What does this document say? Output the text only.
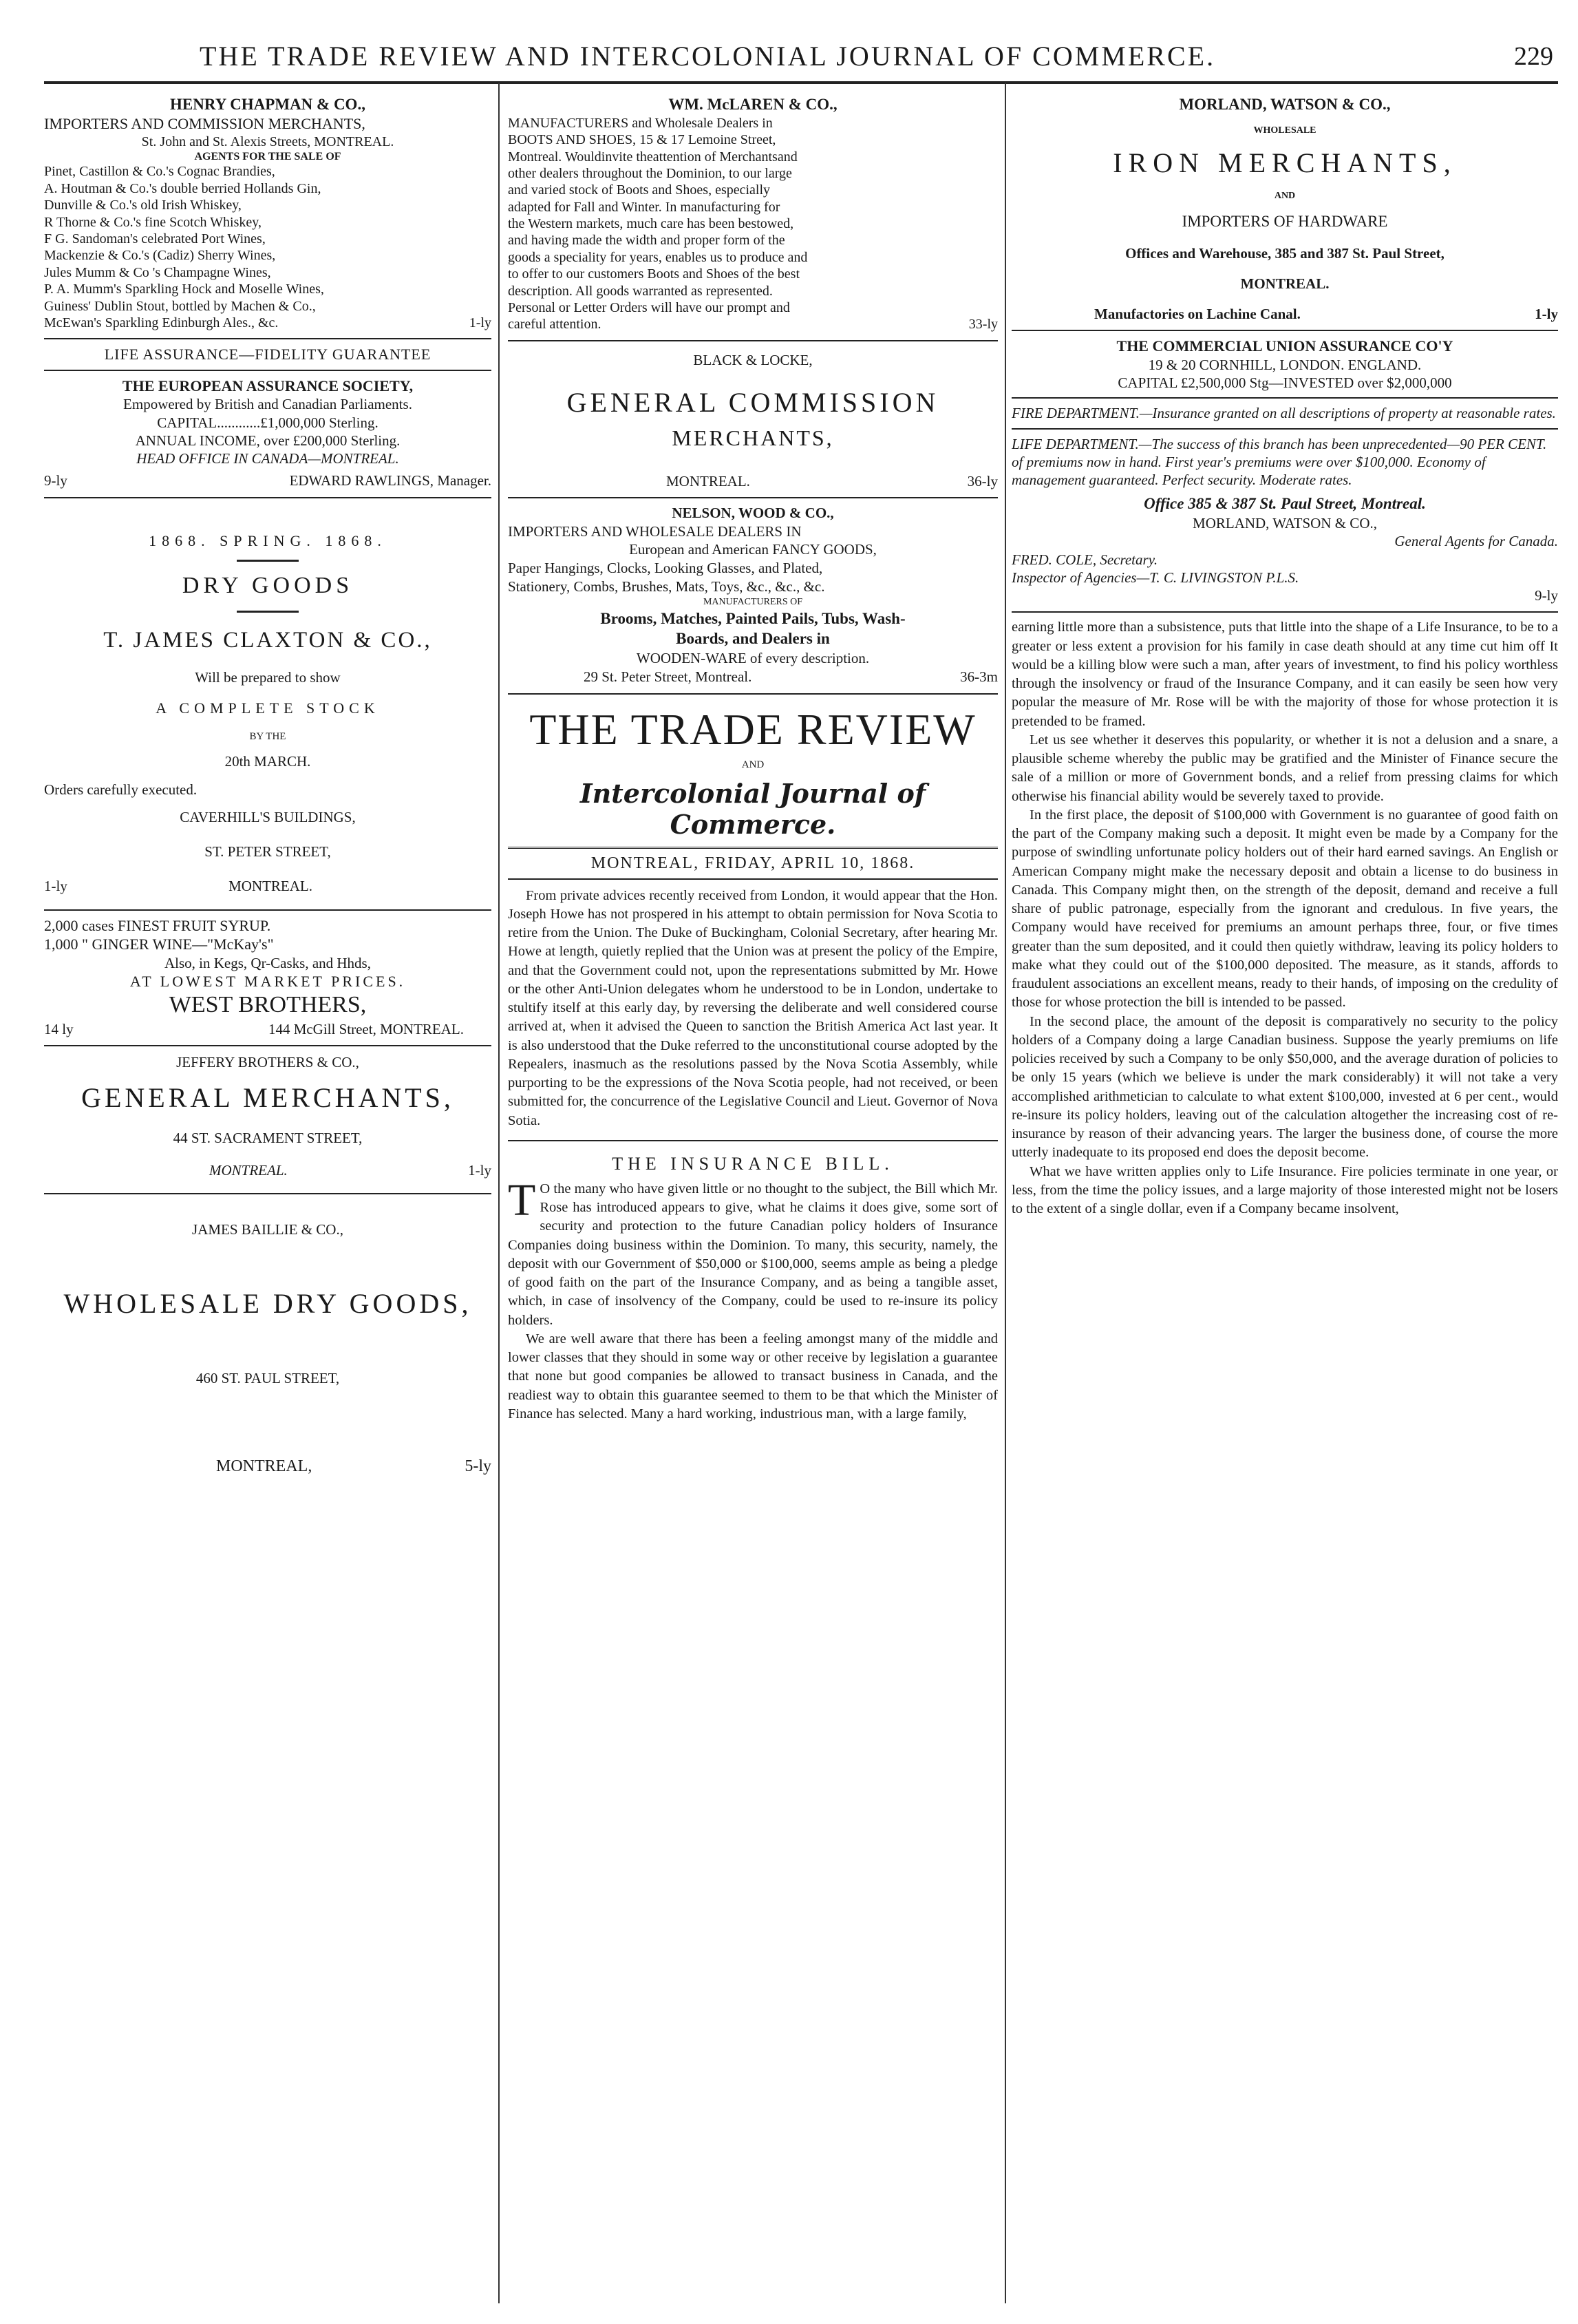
THE TRADE REVIEW AND INTERCOLONIAL JOURNAL OF COMMERCE.	229
HENRY CHAPMAN & CO.,
IMPORTERS AND COMMISSION MERCHANTS,
St. John and St. Alexis Streets, MONTREAL.
AGENTS FOR THE SALE OF
Pinet, Castillon & Co.'s Cognac Brandies,
A. Houtman & Co.'s double berried Hollands Gin,
Dunville & Co.'s old Irish Whiskey,
R Thorne & Co.'s fine Scotch Whiskey,
F G. Sandoman's celebrated Port Wines,
Mackenzie & Co.'s (Cadiz) Sherry Wines,
Jules Mumm & Co 's Champagne Wines,
P. A. Mumm's Sparkling Hock and Moselle Wines,
Guiness' Dublin Stout, bottled by Machen & Co.,
McEwan's Sparkling Edinburgh Ales., &c.	1-ly
LIFE ASSURANCE—FIDELITY GUARANTEE
THE EUROPEAN ASSURANCE SOCIETY,
Empowered by British and Canadian Parliaments.
CAPITAL............£1,000,000 Sterling.
ANNUAL INCOME, over £200,000 Sterling.
HEAD OFFICE IN CANADA—MONTREAL.
9-ly	EDWARD RAWLINGS, Manager.
1868. SPRING. 1868.
DRY GOODS
T. JAMES CLAXTON & CO.,
Will be prepared to show
A COMPLETE STOCK
BY THE
20th MARCH.
Orders carefully executed.
CAVERHILL'S BUILDINGS,
ST. PETER STREET,
1-ly	MONTREAL.
2,000 cases FINEST FRUIT SYRUP.
1,000 " GINGER WINE—"McKay's"
Also, in Kegs, Qr-Casks, and Hhds,
AT LOWEST MARKET PRICES.
WEST BROTHERS,
14 ly	144 McGill Street, MONTREAL.
JEFFERY BROTHERS & CO.,
GENERAL MERCHANTS,
44 ST. SACRAMENT STREET,
MONTREAL.	1-ly
JAMES BAILLIE & CO.,
WHOLESALE DRY GOODS,
460 ST. PAUL STREET,
MONTREAL,	5-ly
WM. McLAREN & CO.,
MANUFACTURERS and Wholesale Dealers in
BOOTS AND SHOES, 15 & 17 Lemoine Street,
Montreal. Wouldinvite theattention of Merchantsand
other dealers throughout the Dominion, to our large
and varied stock of Boots and Shoes, especially
adapted for Fall and Winter. In manufacturing for
the Western markets, much care has been bestowed,
and having made the width and proper form of the
goods a speciality for years, enables us to produce and
to offer to our customers Boots and Shoes of the best
description. All goods warranted as represented.
Personal or Letter Orders will have our prompt and
careful attention.	33-ly
BLACK & LOCKE,
GENERAL COMMISSION
MERCHANTS,
MONTREAL.	36-ly
NELSON, WOOD & CO.,
IMPORTERS AND WHOLESALE DEALERS IN
European and American FANCY GOODS,
Paper Hangings, Clocks, Looking Glasses, and Plated,
Stationery, Combs, Brushes, Mats, Toys, &c., &c., &c.
MANUFACTURERS OF
Brooms, Matches, Painted Pails, Tubs, Wash-
Boards, and Dealers in
WOODEN-WARE of every description.
29 St. Peter Street, Montreal.	36-3m
THE TRADE REVIEW
AND
Intercolonial Journal of Commerce.
MONTREAL, FRIDAY, APRIL 10, 1868.

From private advices recently received from London, it would appear that the Hon. Joseph Howe has not prospered in his attempt to obtain permission for Nova Scotia to retire from the Union. The Duke of Buckingham, Colonial Secretary, after hearing Mr. Howe at length, quietly replied that the Union was at present the policy of the Empire, and that the Government could not, upon the representations submitted by Mr. Howe or the other Anti-Union delegates whom he understood to be in London, undertake to stultify itself at this early day, by reversing the deliberate and well considered course arrived at, when it advised the Queen to sanction the British America Act last year. It is also understood that the Duke referred to the unconstitutional course adopted by the Repealers, inasmuch as the resolutions passed by the Nova Scotia Assembly, while purporting to be the expressions of the Nova Scotia people, had not received, or been submitted for, the concurrence of the Legislative Council and Lieut. Governor of Nova Sotia.

THE INSURANCE BILL.
T O the many who have given little or no thought to the subject, the Bill which Mr. Rose has introduced appears to give, what he claims it does give, some sort of security and protection to the future Canadian policy holders of Insurance Companies doing business within the Dominion. To many, this security, namely, the deposit with our Government of $50,000 or $100,000, seems ample as being a pledge of good faith on the part of the Insurance Company, and as being a tangible asset, which, in case of insolvency of the Company, could be used to re-insure its policy holders.

We are well aware that there has been a feeling amongst many of the middle and lower classes that they should in some way or other receive by legislation a guarantee that none but good companies be allowed to transact business in Canada, and the readiest way to obtain this guarantee seemed to them to be that which the Minister of Finance has selected. Many a hard working, industrious man, with a large family,

MORLAND, WATSON & CO.,
WHOLESALE
IRON MERCHANTS,
AND
IMPORTERS OF HARDWARE
Offices and Warehouse, 385 and 387 St. Paul Street,
MONTREAL.
Manufactories on Lachine Canal.	1-ly
THE COMMERCIAL UNION ASSURANCE CO'Y
19 & 20 CORNHILL, LONDON. ENGLAND.
CAPITAL £2,500,000 Stg—INVESTED over $2,000,000
FIRE DEPARTMENT.—Insurance granted on all descriptions of property at reasonable rates.
LIFE DEPARTMENT.—The success of this branch has been unprecedented—90 PER CENT. of premiums now in hand. First year's premiums were over $100,000. Economy of management guaranteed. Perfect security. Moderate rates.
Office 385 & 387 St. Paul Street, Montreal.
MORLAND, WATSON & CO.,
General Agents for Canada.
FRED. COLE, Secretary.
Inspector of Agencies—T. C. LIVINGSTON P.L.S.
9-ly

earning little more than a subsistence, puts that little into the shape of a Life Insurance, to be to a greater or less extent a provision for his family in case death should at any time cut him off It would be a killing blow were such a man, after years of investment, to find his policy worthless through the insolvency or fraud of the Insurance Company, and it can easily be seen how very popular the measure of Mr. Rose will be with the majority of those for whose protection it is pretended to be framed.

Let us see whether it deserves this popularity, or whether it is not a delusion and a snare, a plausible scheme whereby the public may be gratified and the Minister of Finance secure the sale of a million or more of Government bonds, and a relief from pressing claims for which otherwise his financial ability would be severely taxed to provide.

In the first place, the deposit of $100,000 with Government is no guarantee of good faith on the part of the Company making such a deposit. It might even be made by a Company for the purpose of swindling unfortunate policy holders out of their hard earned savings. An English or American Company might make the necessary deposit and obtain a license to do business in Canada. This Company might then, on the strength of the deposit, demand and receive a full share of public patronage, especially from the ignorant and credulous. In five years, the Company would have received for premiums an amount perhaps three, four, or five times greater than the sum deposited, and it could then quietly withdraw, leaving its policy holders to make what they could out of the $100,000 deposited. The measure, as it stands, affords to fraudulent associations an excellent means, ready to their hands, of imposing on the credulity of those for whose protection the bill is intended to be passed.

In the second place, the amount of the deposit is comparatively no security to the policy holders of a Company doing a large Canadian business. Suppose the yearly premiums on life policies received by such a Company to be only $50,000, and the average duration of policies to be only 15 years (which we believe is under the mark considerably) it will not take a very accomplished arithmetician to calculate to what extent $100,000, invested at 6 per cent., would re-insure its policy holders, leaving out of the calculation altogether the increasing cost of re-insurance by reason of their advancing years. The larger the business done, of course the more utterly inadequate to its proposed end does the deposit become.

What we have written applies only to Life Insurance. Fire policies terminate in one year, or less, from the time the policy issues, and a large majority of those interested might not be losers to the extent of a single dollar, even if a Company became insolvent,
